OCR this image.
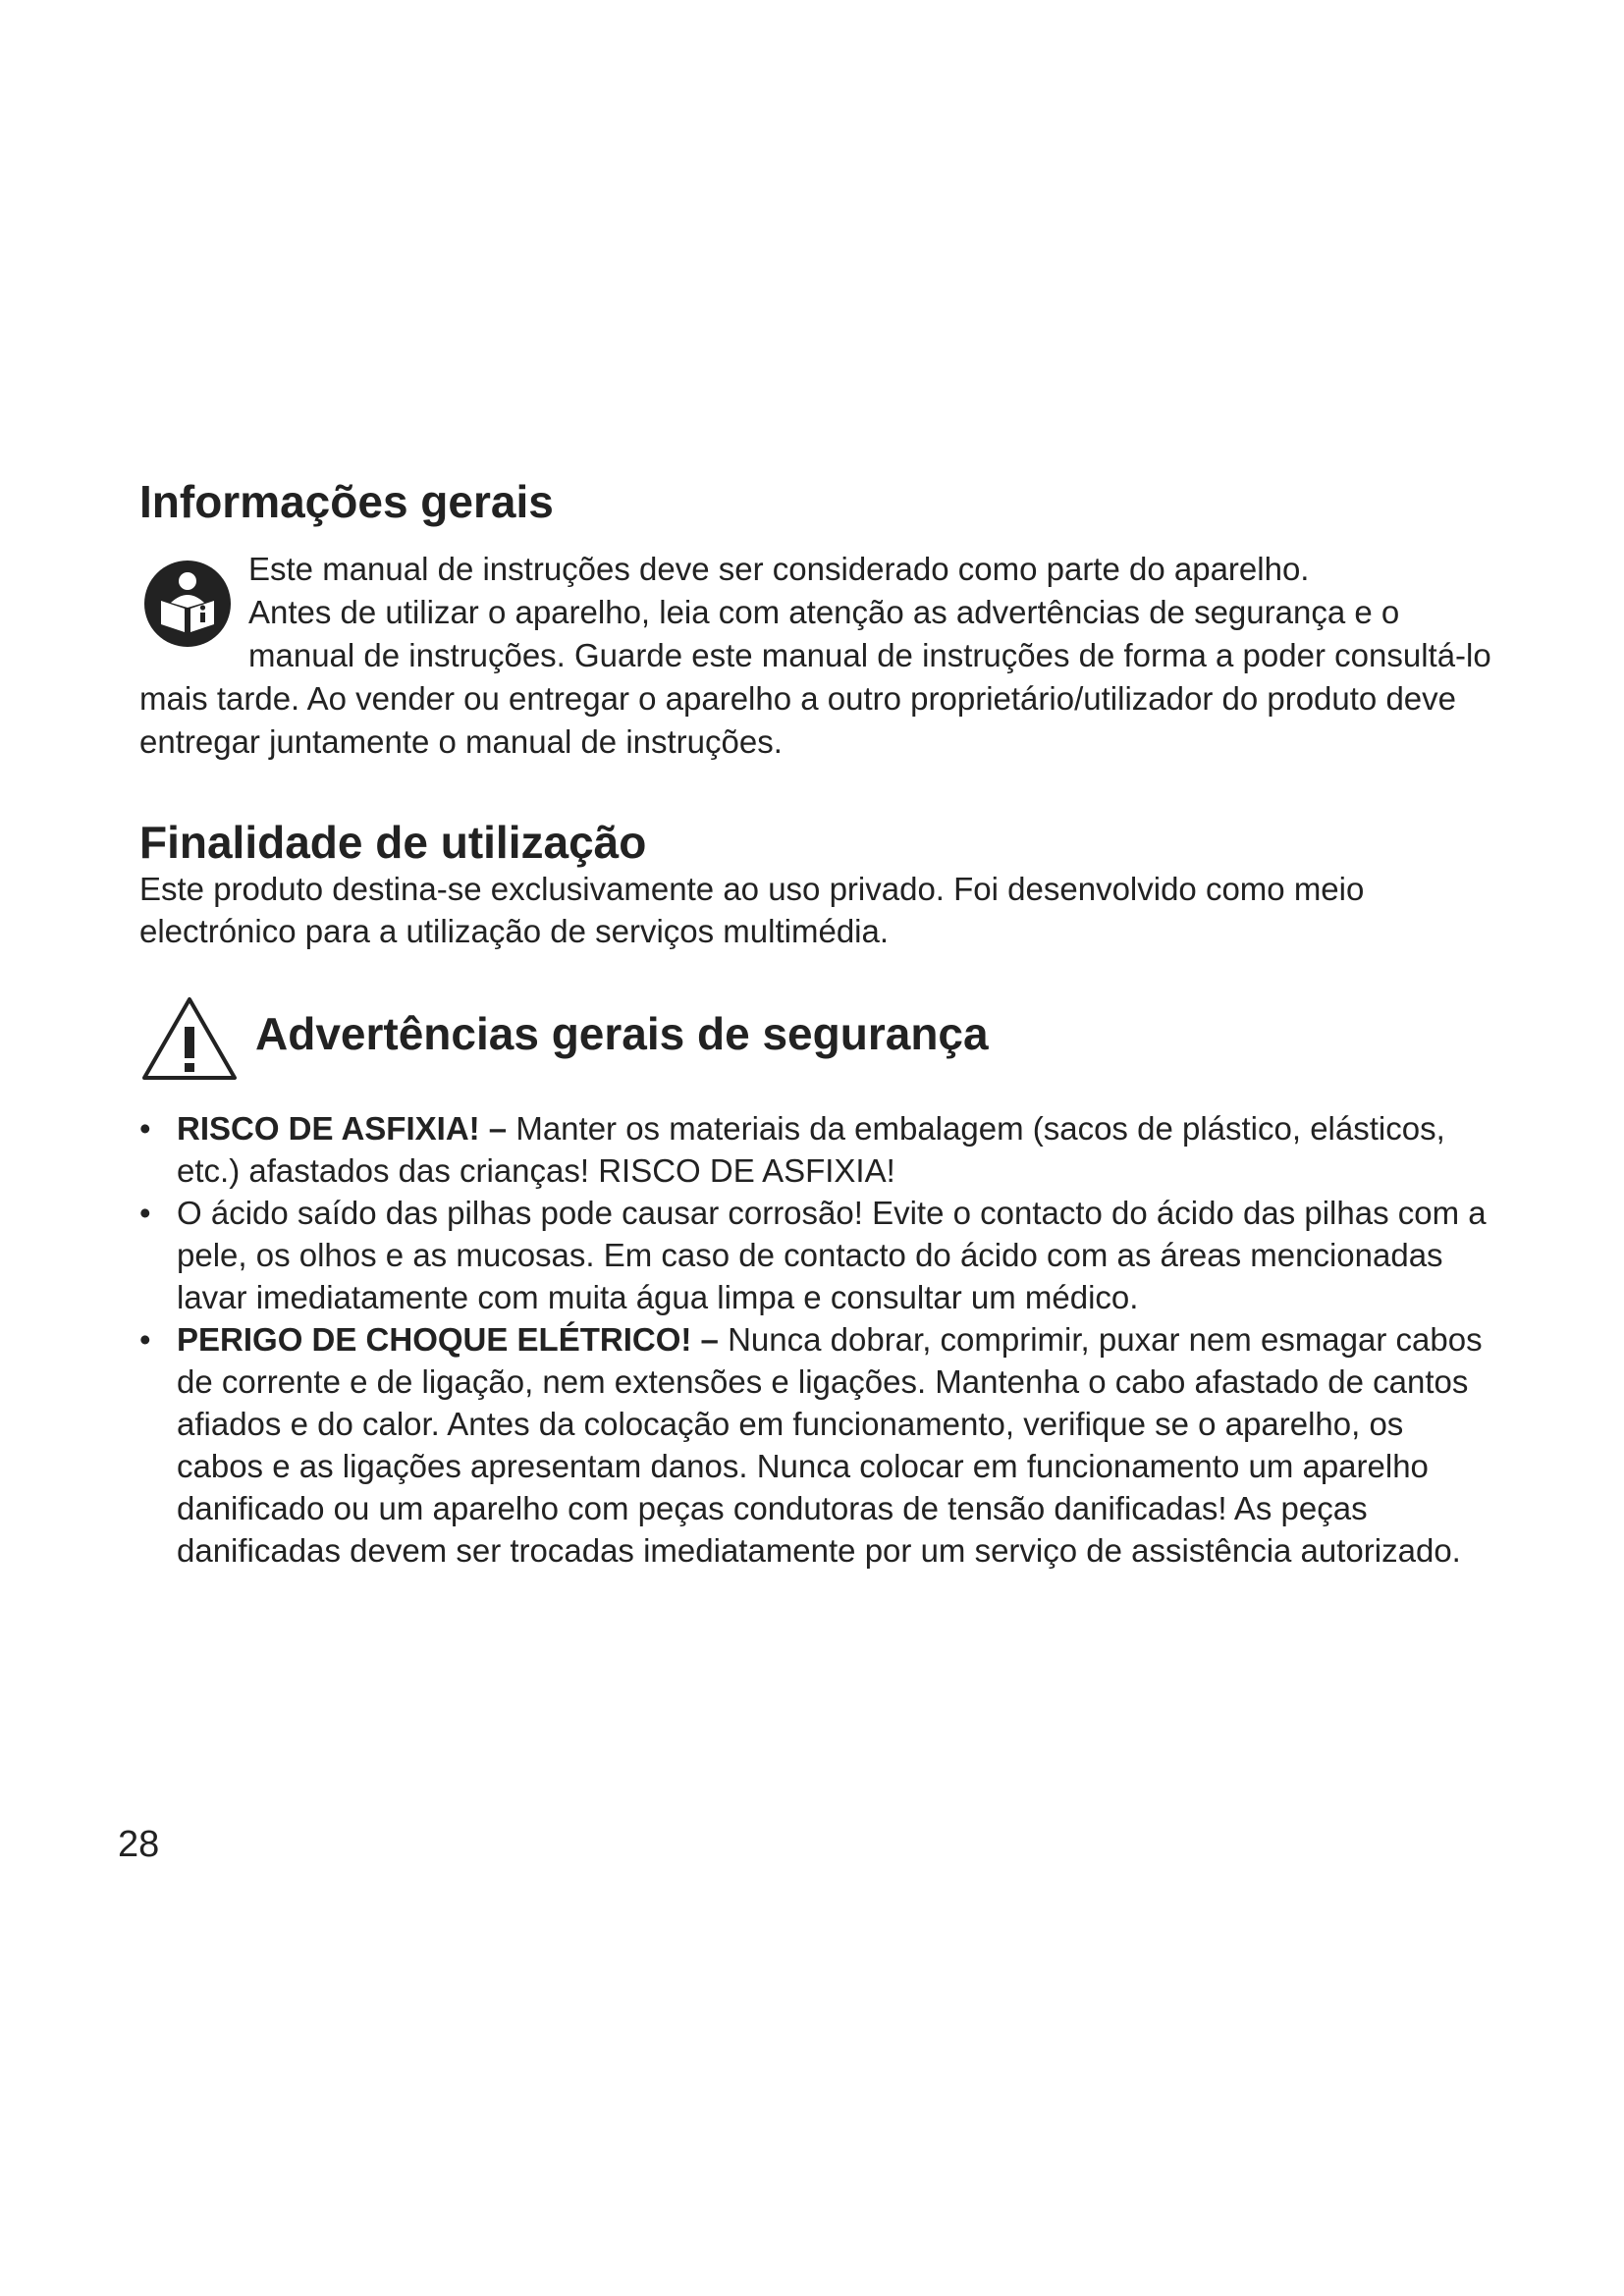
Informações gerais
Este manual de instruções deve ser considerado como parte do aparelho.
Antes de utilizar o aparelho, leia com atenção as advertências de segurança e o
manual de instruções. Guarde este manual de instruções de forma a poder consultá-lo
mais tarde. Ao vender ou entregar o aparelho a outro proprietário/utilizador do produto deve
entregar juntamente o manual de instruções.
Finalidade de utilização

Este produto destina-se exclusivamente ao uso privado. Foi desenvolvido como meio electrónico para a utilização de serviços multimédia.

Advertências gerais de segurança
• RISCO DE ASFIXIA! – Manter os materiais da embalagem (sacos de plástico, elásticos, etc.) afastados das crianças! RISCO DE ASFIXIA!
• O ácido saído das pilhas pode causar corrosão! Evite o contacto do ácido das pilhas com a pele, os olhos e as mucosas. Em caso de contacto do ácido com as áreas mencionadas lavar imediatamente com muita água limpa e consultar um médico.
• PERIGO DE CHOQUE ELÉTRICO! – Nunca dobrar, comprimir, puxar nem esmagar cabos de corrente e de ligação, nem extensões e ligações. Mantenha o cabo afastado de cantos afiados e do calor. Antes da colocação em funcionamento, verifique se o aparelho, os cabos e as ligações apresentam danos. Nunca colocar em funcionamento um aparelho danificado ou um aparelho com peças condutoras de tensão danificadas! As peças danificadas devem ser trocadas imediatamente por um serviço de assistência autorizado.
28
